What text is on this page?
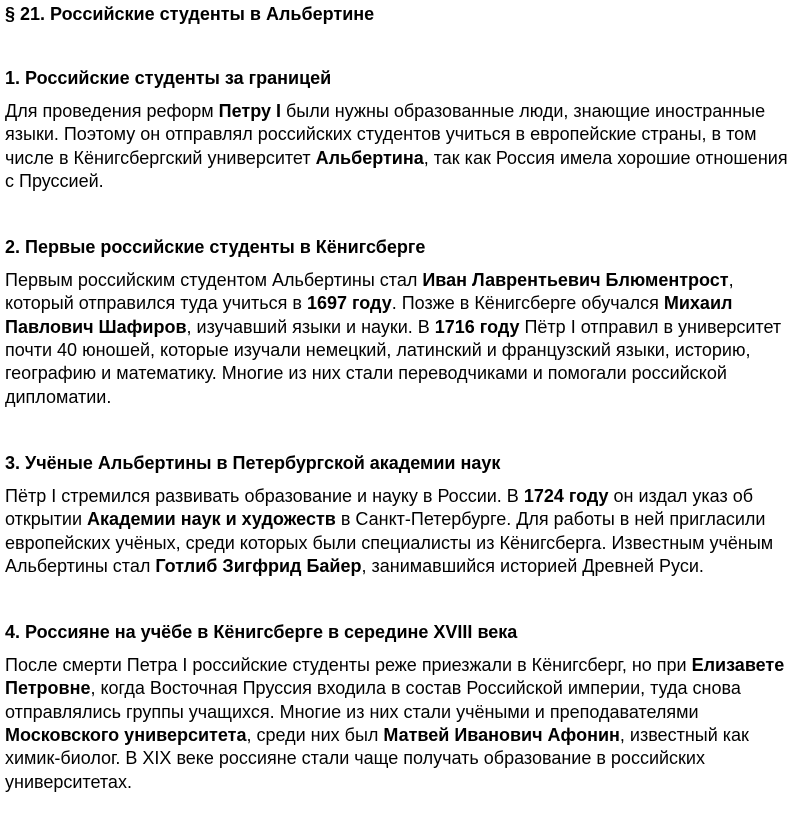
§ 21. Российские студенты в Альбертине
1. Российские студенты за границей
Для проведения реформ Петру I были нужны образованные люди, знающие иностранные языки. Поэтому он отправлял российских студентов учиться в европейские страны, в том числе в Кёнигсбергский университет Альбертина, так как Россия имела хорошие отношения с Пруссией.
2. Первые российские студенты в Кёнигсберге
Первым российским студентом Альбертины стал Иван Лаврентьевич Блюментрост, который отправился туда учиться в 1697 году. Позже в Кёнигсберге обучался Михаил Павлович Шафиров, изучавший языки и науки. В 1716 году Пётр I отправил в университет почти 40 юношей, которые изучали немецкий, латинский и французский языки, историю, географию и математику. Многие из них стали переводчиками и помогали российской дипломатии.
3. Учёные Альбертины в Петербургской академии наук
Пётр I стремился развивать образование и науку в России. В 1724 году он издал указ об открытии Академии наук и художеств в Санкт-Петербурге. Для работы в ней пригласили европейских учёных, среди которых были специалисты из Кёнигсберга. Известным учёным Альбертины стал Готлиб Зигфрид Байер, занимавшийся историей Древней Руси.
4. Россияне на учёбе в Кёнигсберге в середине XVIII века
После смерти Петра I российские студенты реже приезжали в Кёнигсберг, но при Елизавете Петровне, когда Восточная Пруссия входила в состав Российской империи, туда снова отправлялись группы учащихся. Многие из них стали учёными и преподавателями Московского университета, среди них был Матвей Иванович Афонин, известный как химик-биолог. В XIX веке россияне стали чаще получать образование в российских университетах.
